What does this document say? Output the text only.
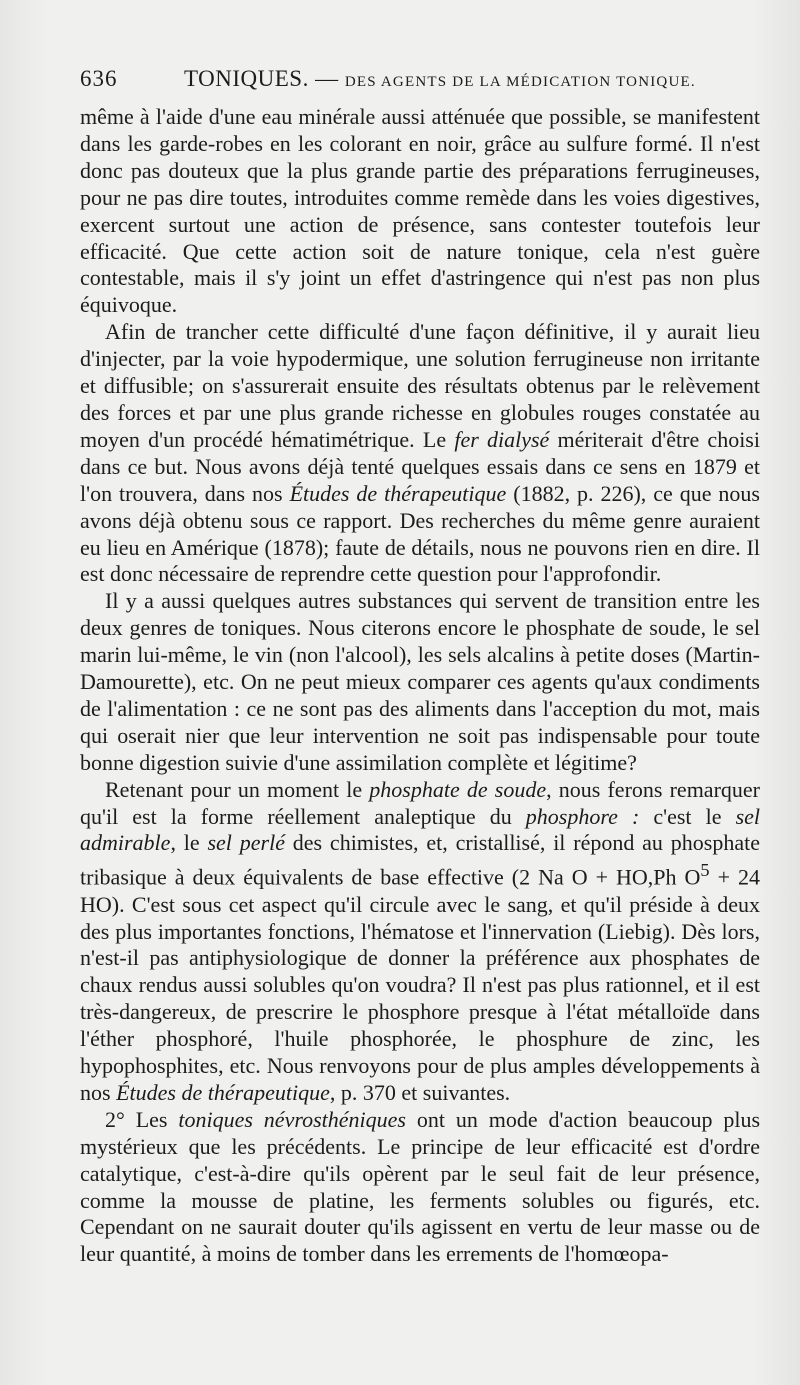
636	TONIQUES. — DES AGENTS DE LA MÉDICATION TONIQUE.

même à l'aide d'une eau minérale aussi atténuée que possible, se manifestent dans les garde-robes en les colorant en noir, grâce au sulfure formé. Il n'est donc pas douteux que la plus grande partie des préparations ferrugineuses, pour ne pas dire toutes, introduites comme remède dans les voies digestives, exercent surtout une action de présence, sans contester toutefois leur efficacité. Que cette action soit de nature tonique, cela n'est guère contestable, mais il s'y joint un effet d'astringence qui n'est pas non plus équivoque.

Afin de trancher cette difficulté d'une façon définitive, il y aurait lieu d'injecter, par la voie hypodermique, une solution ferrugineuse non irritante et diffusible; on s'assurerait ensuite des résultats obtenus par le relèvement des forces et par une plus grande richesse en globules rouges constatée au moyen d'un procédé hématimétrique. Le fer dialysé mériterait d'être choisi dans ce but. Nous avons déjà tenté quelques essais dans ce sens en 1879 et l'on trouvera, dans nos Études de thérapeutique (1882, p. 226), ce que nous avons déjà obtenu sous ce rapport. Des recherches du même genre auraient eu lieu en Amérique (1878); faute de détails, nous ne pouvons rien en dire. Il est donc nécessaire de reprendre cette question pour l'approfondir.

Il y a aussi quelques autres substances qui servent de transition entre les deux genres de toniques. Nous citerons encore le phosphate de soude, le sel marin lui-même, le vin (non l'alcool), les sels alcalins à petite doses (Martin-Damourette), etc. On ne peut mieux comparer ces agents qu'aux condiments de l'alimentation : ce ne sont pas des aliments dans l'acception du mot, mais qui oserait nier que leur intervention ne soit pas indispensable pour toute bonne digestion suivie d'une assimilation complète et légitime?

Retenant pour un moment le phosphate de soude, nous ferons remarquer qu'il est la forme réellement analeptique du phosphore : c'est le sel admirable, le sel perlé des chimistes, et, cristallisé, il répond au phosphate tribasique à deux équivalents de base effective (2 Na O + HO,Ph $O^5 + 24$ HO). C'est sous cet aspect qu'il circule avec le sang, et qu'il préside à deux des plus importantes fonctions, l'hématose et l'innervation (Liebig). Dès lors, n'est-il pas antiphysiologique de donner la préférence aux phosphates de chaux rendus aussi solubles qu'on voudra? Il n'est pas plus rationnel, et il est très-dangereux, de prescrire le phosphore presque à l'état métalloïde dans l'éther phosphoré, l'huile phosphorée, le phosphure de zinc, les hypophosphites, etc. Nous renvoyons pour de plus amples développements à nos Études de thérapeutique, p. 370 et suivantes.

2° Les toniques névrosthéniques ont un mode d'action beaucoup plus mystérieux que les précédents. Le principe de leur efficacité est d'ordre catalytique, c'est-à-dire qu'ils opèrent par le seul fait de leur présence, comme la mousse de platine, les ferments solubles ou figurés, etc. Cependant on ne saurait douter qu'ils agissent en vertu de leur masse ou de leur quantité, à moins de tomber dans les errements de l'homœopa-
